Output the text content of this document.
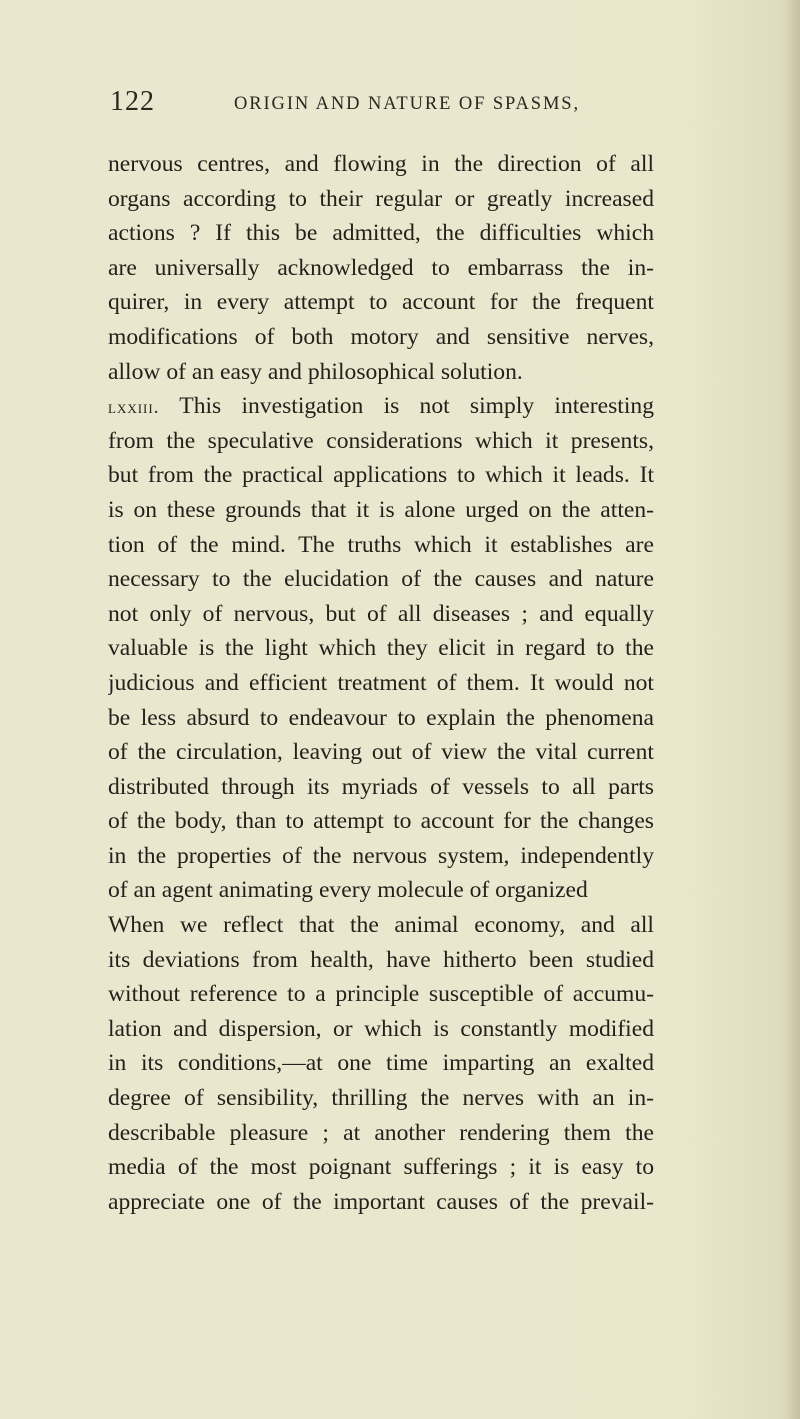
122	ORIGIN AND NATURE OF SPASMS,
nervous centres, and flowing in the direction of all
organs according to their regular or greatly increased
actions ? If this be admitted, the difficulties which
are universally acknowledged to embarrass the in-
quirer, in every attempt to account for the frequent
modifications of both motory and sensitive nerves,
allow of an easy and philosophical solution.
lxxiii. This investigation is not simply interesting
from the speculative considerations which it presents,
but from the practical applications to which it leads. It
is on these grounds that it is alone urged on the atten-
tion of the mind. The truths which it establishes are
necessary to the elucidation of the causes and nature
not only of nervous, but of all diseases ; and equally
valuable is the light which they elicit in regard to the
judicious and efficient treatment of them. It would not
be less absurd to endeavour to explain the phenomena
of the circulation, leaving out of view the vital current
distributed through its myriads of vessels to all parts
of the body, than to attempt to account for the changes
in the properties of the nervous system, independently
of an agent animating every molecule of organized
When we reflect that the animal economy, and all
its deviations from health, have hitherto been studied
without reference to a principle susceptible of accumu-
lation and dispersion, or which is constantly modified
in its conditions,—at one time imparting an exalted
degree of sensibility, thrilling the nerves with an in-
describable pleasure ; at another rendering them the
media of the most poignant sufferings ; it is easy to
appreciate one of the important causes of the prevail-
